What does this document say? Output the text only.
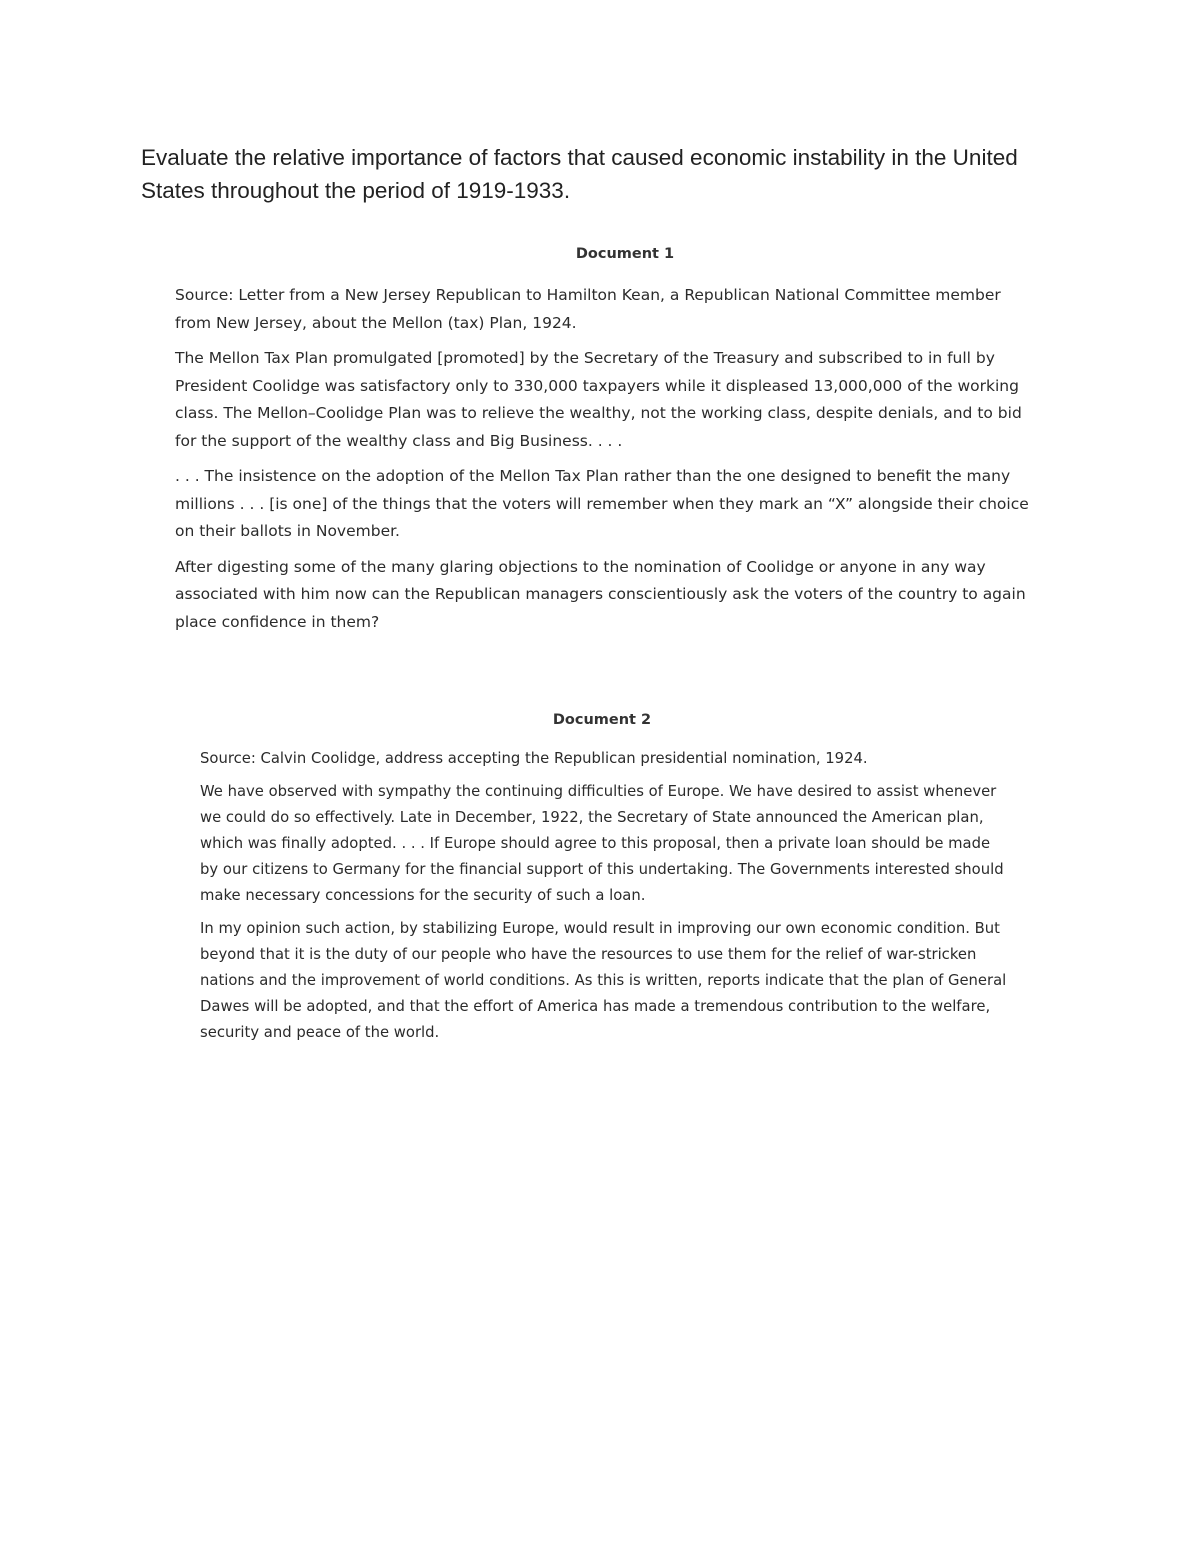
Evaluate the relative importance of factors that caused economic instability in the United States throughout the period of 1919-1933.

Document 1

Source: Letter from a New Jersey Republican to Hamilton Kean, a Republican National Committee member from New Jersey, about the Mellon (tax) Plan, 1924.

The Mellon Tax Plan promulgated [promoted] by the Secretary of the Treasury and subscribed to in full by President Coolidge was satisfactory only to 330,000 taxpayers while it displeased 13,000,000 of the working class. The Mellon–Coolidge Plan was to relieve the wealthy, not the working class, despite denials, and to bid for the support of the wealthy class and Big Business. . . .

. . . The insistence on the adoption of the Mellon Tax Plan rather than the one designed to benefit the many millions . . . [is one] of the things that the voters will remember when they mark an “X” alongside their choice on their ballots in November.

After digesting some of the many glaring objections to the nomination of Coolidge or anyone in any way associated with him now can the Republican managers conscientiously ask the voters of the country to again place confidence in them?

Document 2

Source: Calvin Coolidge, address accepting the Republican presidential nomination, 1924.

We have observed with sympathy the continuing difficulties of Europe. We have desired to assist whenever we could do so effectively. Late in December, 1922, the Secretary of State announced the American plan, which was finally adopted. . . . If Europe should agree to this proposal, then a private loan should be made by our citizens to Germany for the financial support of this undertaking. The Governments interested should make necessary concessions for the security of such a loan.

In my opinion such action, by stabilizing Europe, would result in improving our own economic condition. But beyond that it is the duty of our people who have the resources to use them for the relief of war-stricken nations and the improvement of world conditions. As this is written, reports indicate that the plan of General Dawes will be adopted, and that the effort of America has made a tremendous contribution to the welfare, security and peace of the world.
